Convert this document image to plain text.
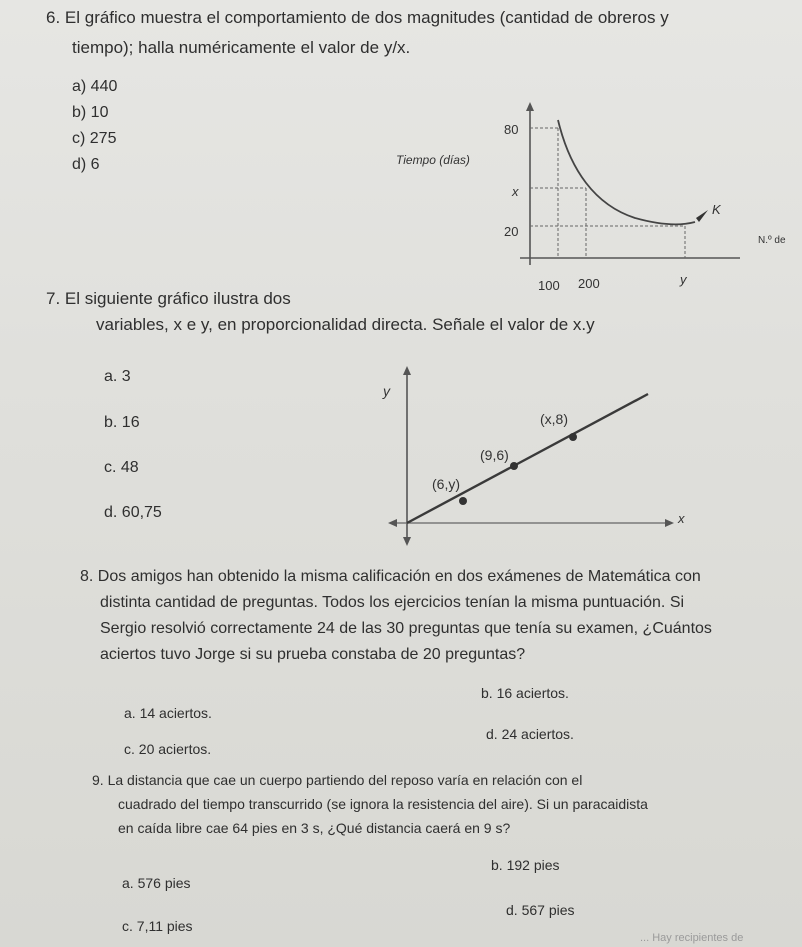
6. El gráfico muestra el comportamiento de dos magnitudes (cantidad de obreros y
tiempo); halla numéricamente el valor de y/x.
a) 440
b) 10
c) 275
d) 6	Tiempo (días)
80
x
20
100 200	y
K
N.º de
7. El siguiente gráfico ilustra dos
variables, x e y, en proporcionalidad directa. Señale el valor de x.y
a. 3
b. 16
c. 48
d. 60,75
y
x
(6,y)
(9,6)
(x,8)
8. Dos amigos han obtenido la misma calificación en dos exámenes de Matemática con
distinta cantidad de preguntas. Todos los ejercicios tenían la misma puntuación. Si
Sergio resolvió correctamente 24 de las 30 preguntas que tenía su examen, ¿Cuántos
aciertos tuvo Jorge si su prueba constaba de 20 preguntas?
a. 14 aciertos.
b. 16 aciertos.
c. 20 aciertos.
d. 24 aciertos.
9. La distancia que cae un cuerpo partiendo del reposo varía en relación con el
cuadrado del tiempo transcurrido (se ignora la resistencia del aire). Si un paracaidista
en caída libre cae 64 pies en 3 s, ¿Qué distancia caerá en 9 s?
a. 576 pies
b. 192 pies
c. 7,11 pies
d. 567 pies
... Hay recipientes de
